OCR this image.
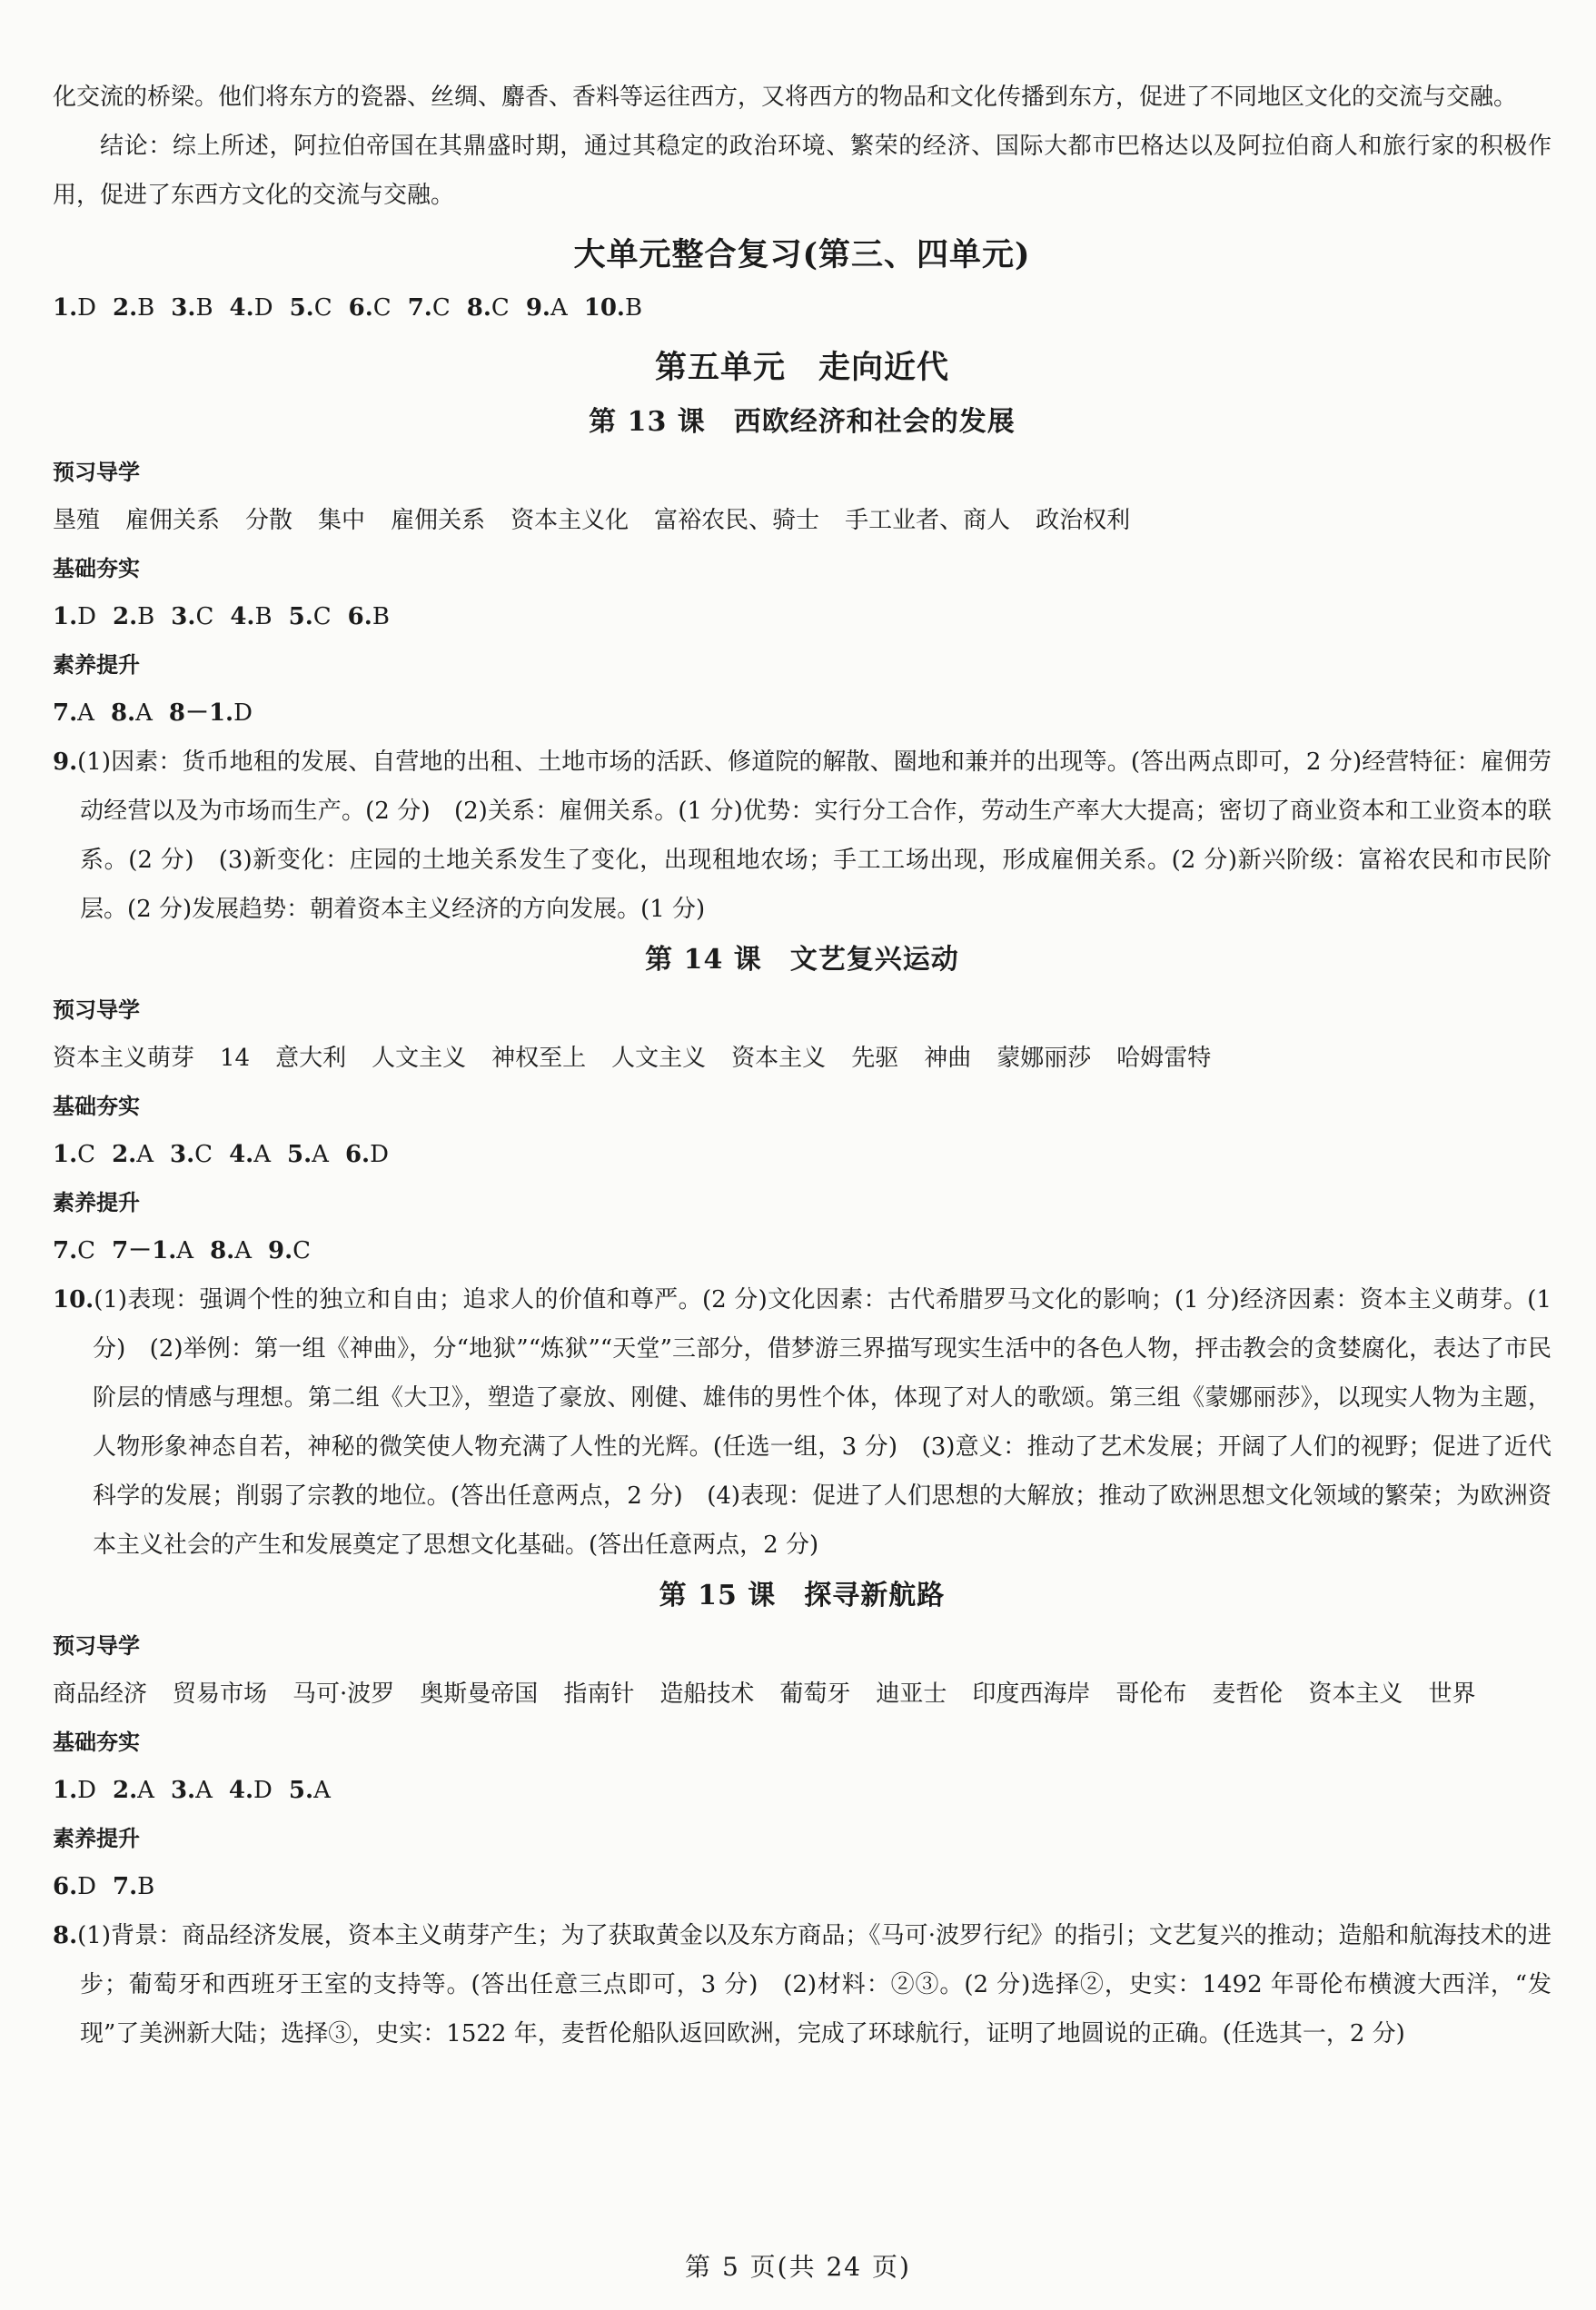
化交流的桥梁。他们将东方的瓷器、丝绸、麝香、香料等运往西方，又将西方的物品和文化传播到东方，促进了不同地区文化的交流与交融。
结论：综上所述，阿拉伯帝国在其鼎盛时期，通过其稳定的政治环境、繁荣的经济、国际大都市巴格达以及阿拉伯商人和旅行家的积极作用，促进了东西方文化的交流与交融。
大单元整合复习(第三、四单元)
1.D 2.B 3.B 4.D 5.C 6.C 7.C 8.C 9.A 10.B
第五单元　走向近代
第 13 课　西欧经济和社会的发展
预习导学
垦殖 雇佣关系 分散 集中 雇佣关系 资本主义化 富裕农民、骑士 手工业者、商人 政治权利
基础夯实
1.D 2.B 3.C 4.B 5.C 6.B
素养提升
7.A 8.A 8－1.D
9.(1)因素：货币地租的发展、自营地的出租、土地市场的活跃、修道院的解散、圈地和兼并的出现等。(答出两点即可，2 分)经营特征：雇佣劳动经营以及为市场而生产。(2 分)　(2)关系：雇佣关系。(1 分)优势：实行分工合作，劳动生产率大大提高；密切了商业资本和工业资本的联系。(2 分)　(3)新变化：庄园的土地关系发生了变化，出现租地农场；手工工场出现，形成雇佣关系。(2 分)新兴阶级：富裕农民和市民阶层。(2 分)发展趋势：朝着资本主义经济的方向发展。(1 分)
第 14 课　文艺复兴运动
预习导学
资本主义萌芽 14 意大利 人文主义 神权至上 人文主义 资本主义 先驱 神曲 蒙娜丽莎 哈姆雷特
基础夯实
1.C 2.A 3.C 4.A 5.A 6.D
素养提升
7.C 7－1.A 8.A 9.C
10.(1)表现：强调个性的独立和自由；追求人的价值和尊严。(2 分)文化因素：古代希腊罗马文化的影响；(1 分)经济因素：资本主义萌芽。(1 分)　(2)举例：第一组《神曲》，分“地狱”“炼狱”“天堂”三部分，借梦游三界描写现实生活中的各色人物，抨击教会的贪婪腐化，表达了市民阶层的情感与理想。第二组《大卫》，塑造了豪放、刚健、雄伟的男性个体，体现了对人的歌颂。第三组《蒙娜丽莎》，以现实人物为主题，人物形象神态自若，神秘的微笑使人物充满了人性的光辉。(任选一组，3 分)　(3)意义：推动了艺术发展；开阔了人们的视野；促进了近代科学的发展；削弱了宗教的地位。(答出任意两点，2 分)　(4)表现：促进了人们思想的大解放；推动了欧洲思想文化领域的繁荣；为欧洲资本主义社会的产生和发展奠定了思想文化基础。(答出任意两点，2 分)
第 15 课　探寻新航路
预习导学
商品经济 贸易市场 马可·波罗 奥斯曼帝国 指南针 造船技术 葡萄牙 迪亚士 印度西海岸 哥伦布 麦哲伦 资本主义 世界
基础夯实
1.D 2.A 3.A 4.D 5.A
素养提升
6.D 7.B
8.(1)背景：商品经济发展，资本主义萌芽产生；为了获取黄金以及东方商品；《马可·波罗行纪》的指引；文艺复兴的推动；造船和航海技术的进步；葡萄牙和西班牙王室的支持等。(答出任意三点即可，3 分)　(2)材料：②③。(2 分)选择②，史实：1492 年哥伦布横渡大西洋，“发现”了美洲新大陆；选择③，史实：1522 年，麦哲伦船队返回欧洲，完成了环球航行，证明了地圆说的正确。(任选其一，2 分)
第 5 页(共 24 页)
